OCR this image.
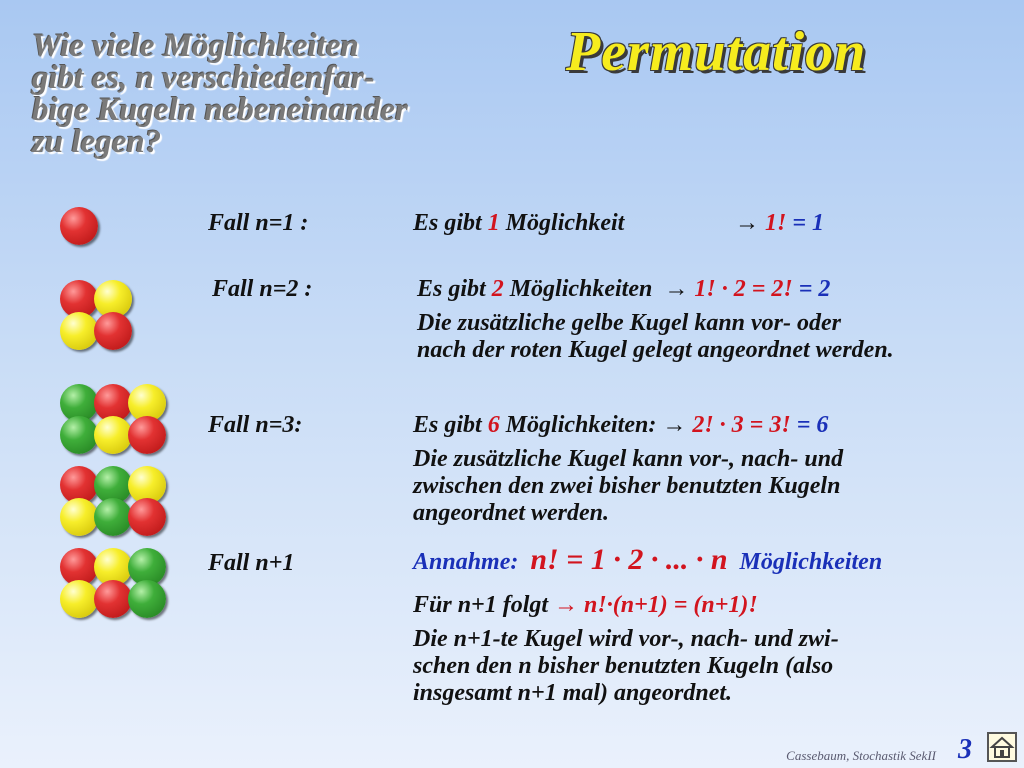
Wie viele Möglichkeiten
gibt es, n verschiedenfar-
bige Kugeln nebeneinander
zu legen?
Permutation
Fall n=1 :	Es gibt 1 Möglichkeit	→ 1! = 1
Fall n=2 :	Es gibt 2 Möglichkeiten → 1! · 2 = 2! = 2
Die zusätzliche gelbe Kugel kann vor- oder
nach der roten Kugel gelegt angeordnet werden.
Fall n=3:	Es gibt 6 Möglichkeiten: → 2! · 3 = 3! = 6
Die zusätzliche Kugel kann vor-, nach- und
zwischen den zwei bisher benutzten Kugeln
angeordnet werden.
Fall n+1	Annahme: n! = 1 · 2 · ... · n Möglichkeiten
Für n+1 folgt → n!·(n+1) = (n+1)!
Die n+1-te Kugel wird vor-, nach- und zwi-
schen den n bisher benutzten Kugeln (also
insgesamt n+1 mal) angeordnet.
Cassebaum, Stochastik SekII 3
